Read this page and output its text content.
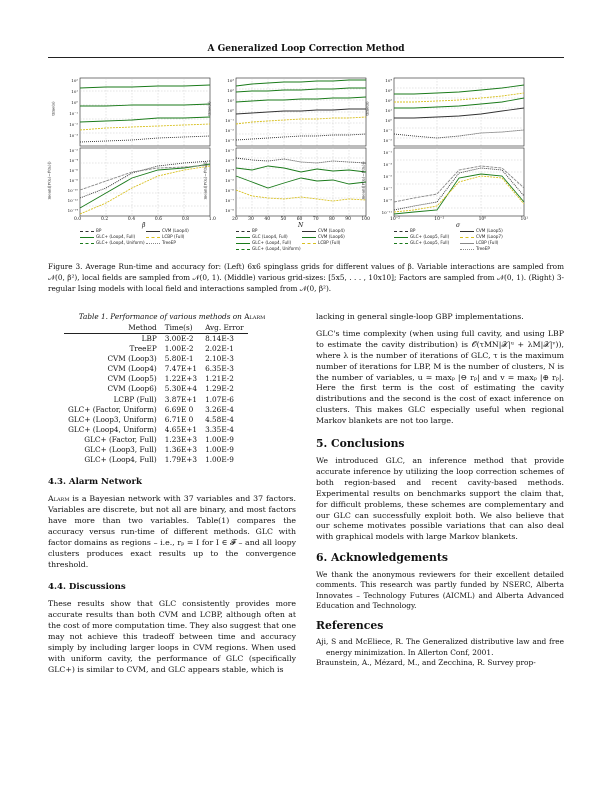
A Generalized Loop Correction Method
10²
10¹
10⁰
10⁻¹
10⁻²
10⁻³
10⁻²
10⁻⁴
10⁻⁶
10⁻⁸
10⁻¹⁰
10⁻¹²
10⁻¹⁴
time(s)
mean(|P(xᵢ)−P̂(xᵢ)|)
0.0	0.2	0.4	0.6	0.8	1.0
β
BP
GLC+ (Loop4, Full)
GLC+ (Loop4, Uniform)
CVM (Loop4)
LCBP (Full)
TreeEP
10³
10²
10¹
10⁰
10⁻¹
10⁻²
10⁻³
10⁻²
10⁻³
10⁻⁴
10⁻⁵
10⁻⁶
10⁻⁷
10⁻⁸
time(s)
mean(|P(xᵢ)−P̂(xᵢ)|)
20 30 40 50 60 70 80 90 100
N
BP
GLC (Loop4, Full)
GLC+ (Loop4, Full)
GLC+ (Loop4, Uniform)
CVM (Loop4)
CVM (Loop6)
LCBP (Full)
10⁴
10³
10²
10¹
10⁰
10⁻¹
10⁻²
10⁻¹
10⁻³
10⁻⁵
10⁻⁷
10⁻⁹
10⁻¹¹
time(s)
mean(|P(xᵢ)−P̂(xᵢ)|)
10⁻²	10⁻¹	10⁰	10¹
σ
BP
GLC+ (Loop5, Full)
GLC+ (Loop5, Full)
CVM (Loop5)
CVM (Loop7)
LCBP (Full)
TreeEP
Figure 3. Average Run-time and accuracy for: (Left) 6x6 spinglass grids for different values of β. Variable interactions are sampled from 𝒩(0, β²), local fields are sampled from 𝒩(0, 1). (Middle) various grid-sizes: [5x5, . . . , 10x10]; Factors are sampled from 𝒩(0, 1). (Right) 3-regular Ising models with local field and interactions sampled from 𝒩(0, β²).
Table 1. Performance of various methods on Alarm
Method	Time(s)	Avg. Error
LBP	3.00E-2	8.14E-3
TreeEP	1.00E-2	2.02E-1
CVM (Loop3)	5.80E-1	2.10E-3
CVM (Loop4)	7.47E+1	6.35E-3
CVM (Loop5)	1.22E+3	1.21E-2
CVM (Loop6)	5.30E+4	1.29E-2
LCBP (Full)	3.87E+1	1.07E-6
GLC+ (Factor, Uniform)	6.69E 0	3.26E-4
GLC+ (Loop3, Uniform)	6.71E 0	4.58E-4
GLC+ (Loop4, Uniform)	4.65E+1	3.35E-4
GLC+ (Factor, Full)	1.23E+3	1.00E-9
GLC+ (Loop3, Full)	1.36E+3	1.00E-9
GLC+ (Loop4, Full)	1.79E+3	1.00E-9
4.3. Alarm Network

Alarm is a Bayesian network with 37 variables and 37 factors. Variables are discrete, but not all are binary, and most factors have more than two variables. Table(1) compares the accuracy versus run-time of different methods. GLC with factor domains as regions – i.e., rₚ = I for I ∈ 𝓕 – and all loopy clusters produces exact results up to the convergence threshold.

4.4. Discussions

These results show that GLC consistently provides more accurate results than both CVM and LCBP, although often at the cost of more computation time. They also suggest that one may not achieve this tradeoff between time and accuracy simply by including larger loops in CVM regions. When used with uniform cavity, the performance of GLC (specifically GLC+) is similar to CVM, and GLC appears stable, which is

lacking in general single-loop GBP implementations.

GLC's time complexity (when using full cavity, and using LBP to estimate the cavity distribution) is 𝒪(τMN|𝒳|ᵘ + λM|𝒳|ᵛ)), where λ is the number of iterations of GLC, τ is the maximum number of iterations for LBP, M is the number of clusters, N is the number of variables, u = maxₚ |⊖ rₚ| and v = maxₚ |⊕ rₚ|. Here the first term is the cost of estimating the cavity distributions and the second is the cost of exact inference on clusters. This makes GLC especially useful when regional Markov blankets are not too large.

5. Conclusions

We introduced GLC, an inference method that provide accurate inference by utilizing the loop correction schemes of both region-based and recent cavity-based methods. Experimental results on benchmarks support the claim that, for difficult problems, these schemes are complementary and our GLC can successfully exploit both. We also believe that our scheme motivates possible variations that can also deal with graphical models with large Markov blankets.

6. Acknowledgements

We thank the anonymous reviewers for their excellent detailed comments. This research was partly funded by NSERC, Alberta Innovates – Technology Futures (AICML) and Alberta Advanced Education and Technology.

References

Aji, S and McEliece, R. The Generalized distributive law and free energy minimization. In Allerton Conf, 2001.

Braunstein, A., Mézard, M., and Zecchina, R. Survey prop-
